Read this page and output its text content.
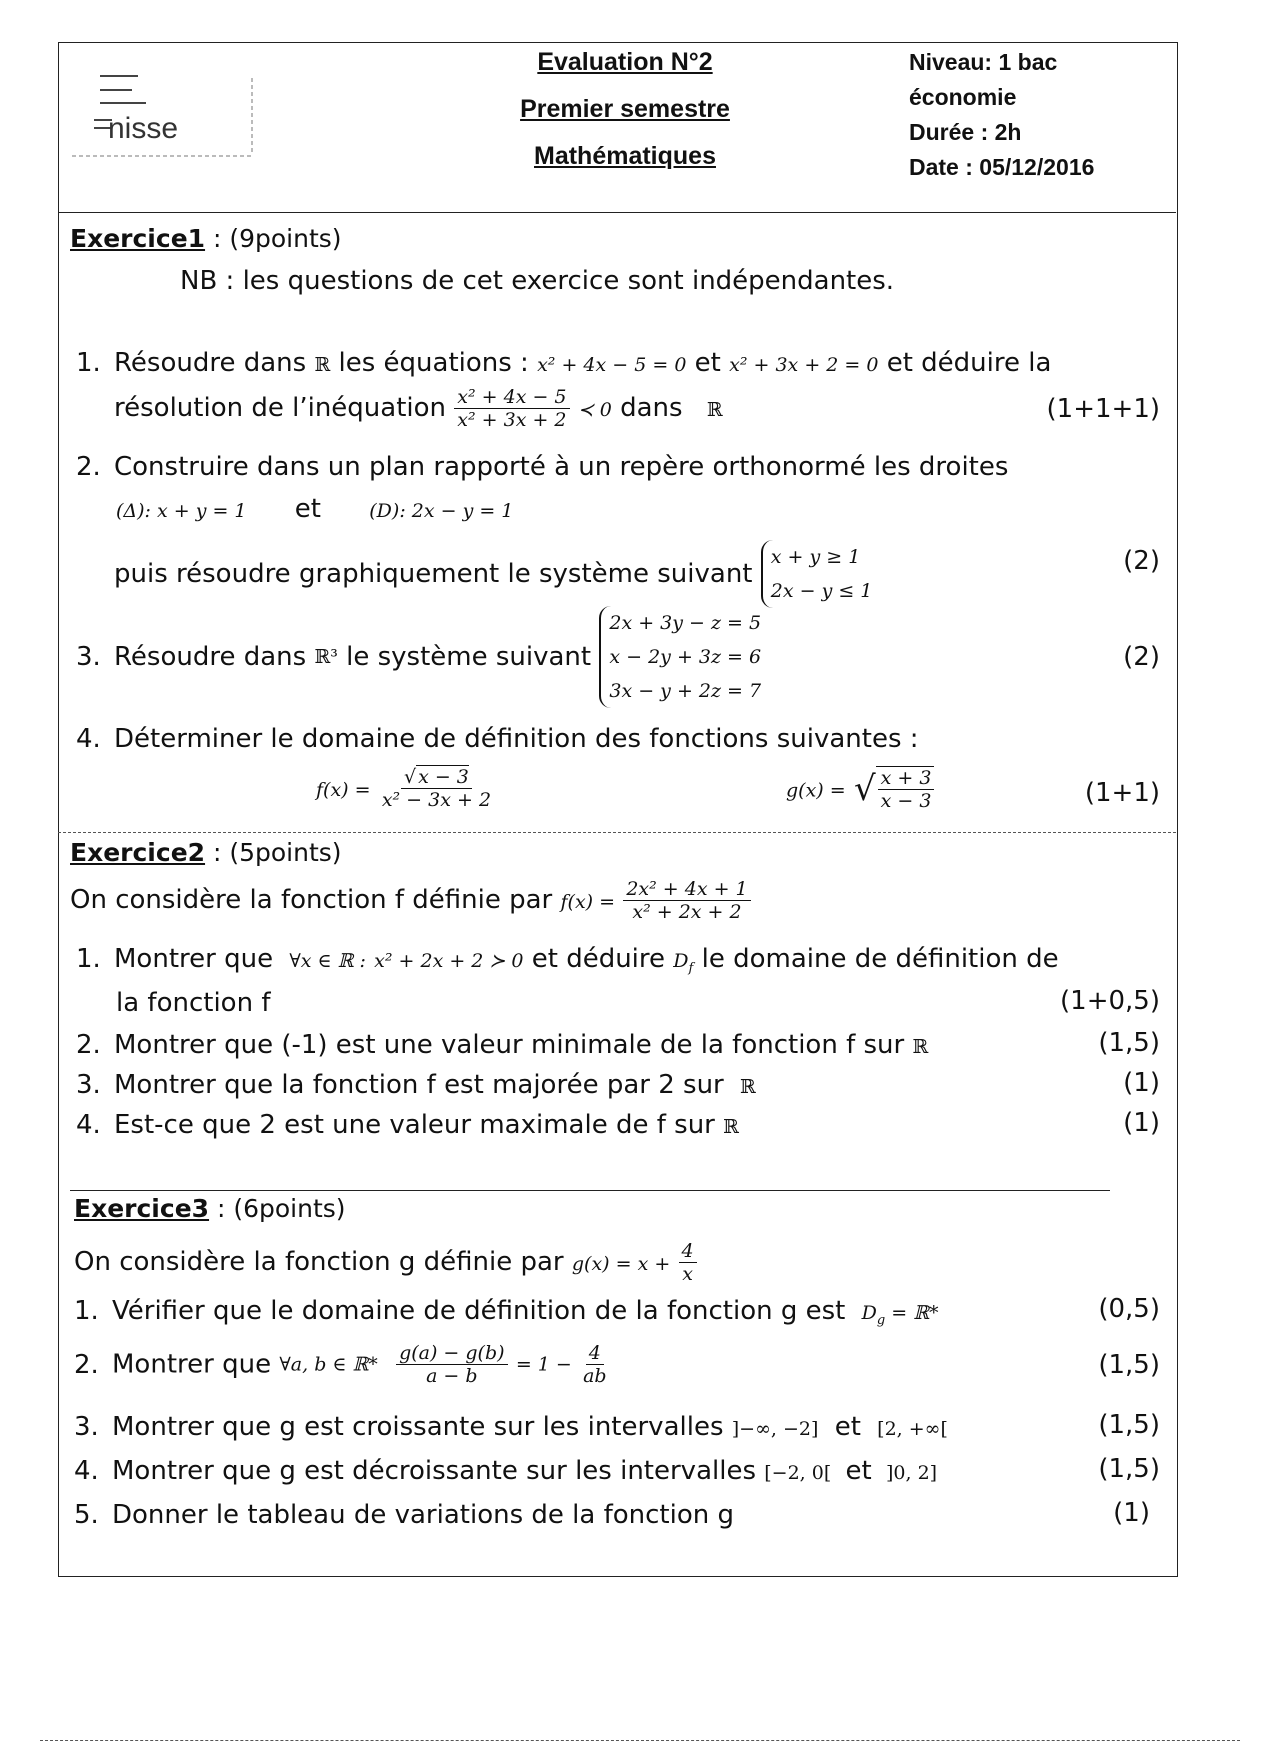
nisse
Evaluation N°2
Premier semestre
Mathématiques
Niveau: 1 bac
économie
Durée : 2h
Date : 05/12/2016
Exercice1 : (9points)
NB : les questions de cet exercice sont indépendantes.
1. Résoudre dans ℝ les équations : x² + 4x − 5 = 0 et x² + 3x + 2 = 0 et déduire la
résolution de l’inéquation $\frac{\text{x² + 4x − 5}}{\text{x² + 3x + 2}}$ ≺ 0 dans ℝ	(1+1+1)
2. Construire dans un plan rapporté à un repère orthonormé les droites
(Δ): x + y = 1 et	(D): 2x − y = 1
puis résoudre graphiquement le système suivant
x + y ≥ 1
2x − y ≤ 1
(2)
3. Résoudre dans ℝ³ le système suivant
2x + 3y − z = 5
x − 2y + 3z = 6
3x − y + 2z = 7
(2)
4. Déterminer le domaine de définition des fonctions suivantes :
$f(x) = \frac{√ x - 3}{\text{x² − 3x + 2}}$	g(x) = √ $\frac{x + 3}{x - 3}$	(1+1)
Exercice2 : (5points)
On considère la fonction f définie par $f(x) = \frac{\text{2x² + 4x + 1}}{\text{x² + 2x + 2}}$
1. Montrer que ∀x ∈ ℝ : x² + 2x + 2 ≻ 0 et déduire $D_f$ le domaine de définition de
la fonction f	(1+0,5)
2. Montrer que (-1) est une valeur minimale de la fonction f sur ℝ	(1,5)
3. Montrer que la fonction f est majorée par 2 sur ℝ	(1)
4. Est-ce que 2 est une valeur maximale de f sur ℝ	(1)
Exercice3 : (6points)
On considère la fonction g définie par $g(x) = x + \frac{4}{x}$
1. Vérifier que le domaine de définition de la fonction g est $D_g$ = ℝ*	(0,5)
2. Montrer que ∀a, b ∈ ℝ* $\frac{g(a) - g(b)}{a - b} = 1 - \frac{4}{ab}$	(1,5)
3. Montrer que g est croissante sur les intervalles ]−∞, −2] et [2, +∞[	(1,5)
4. Montrer que g est décroissante sur les intervalles [−2, 0[ et ]0, 2]	(1,5)
5. Donner le tableau de variations de la fonction g	(1)
